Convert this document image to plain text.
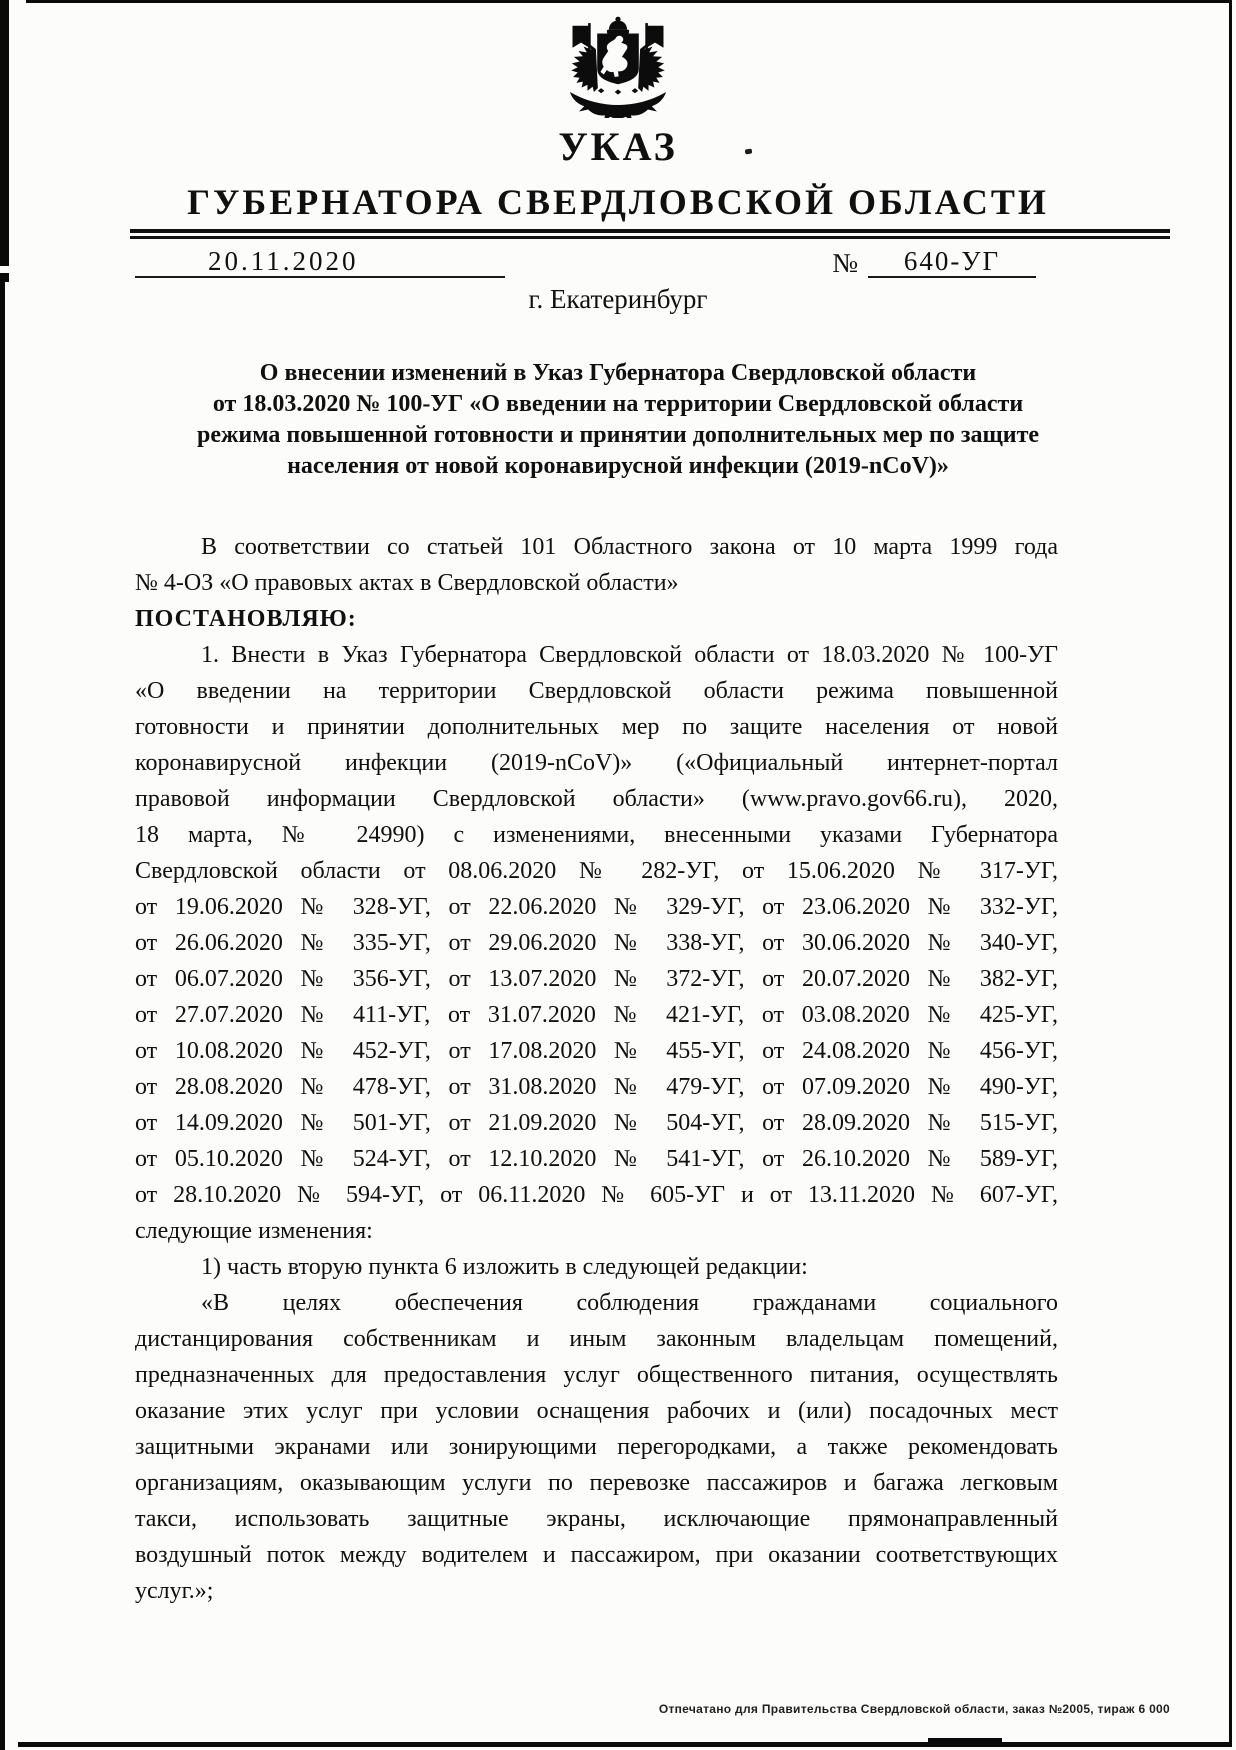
УКАЗ
ГУБЕРНАТОРА СВЕРДЛОВСКОЙ ОБЛАСТИ
20.11.2020	№	640-УГ
г. Екатеринбург
О внесении изменений в Указ Губернатора Свердловской области
от 18.03.2020 № 100-УГ «О введении на территории Свердловской области
режима повышенной готовности и принятии дополнительных мер по защите
населения от новой коронавирусной инфекции (2019-nCoV)»
В соответствии со статьей 101 Областного закона от 10 марта 1999 года
№ 4-ОЗ «О правовых актах в Свердловской области»
ПОСТАНОВЛЯЮ:
1. Внести в Указ Губернатора Свердловской области от 18.03.2020 № 100-УГ
«О введении на территории Свердловской области режима повышенной
готовности и принятии дополнительных мер по защите населения от новой
коронавирусной инфекции (2019-nCoV)» («Официальный интернет-портал
правовой информации Свердловской области» (www.pravo.gov66.ru), 2020,
18 марта, № 24990) с изменениями, внесенными указами Губернатора
Свердловской области от 08.06.2020 № 282-УГ, от 15.06.2020 № 317-УГ,
от 19.06.2020 № 328-УГ, от 22.06.2020 № 329-УГ, от 23.06.2020 № 332-УГ,
от 26.06.2020 № 335-УГ, от 29.06.2020 № 338-УГ, от 30.06.2020 № 340-УГ,
от 06.07.2020 № 356-УГ, от 13.07.2020 № 372-УГ, от 20.07.2020 № 382-УГ,
от 27.07.2020 № 411-УГ, от 31.07.2020 № 421-УГ, от 03.08.2020 № 425-УГ,
от 10.08.2020 № 452-УГ, от 17.08.2020 № 455-УГ, от 24.08.2020 № 456-УГ,
от 28.08.2020 № 478-УГ, от 31.08.2020 № 479-УГ, от 07.09.2020 № 490-УГ,
от 14.09.2020 № 501-УГ, от 21.09.2020 № 504-УГ, от 28.09.2020 № 515-УГ,
от 05.10.2020 № 524-УГ, от 12.10.2020 № 541-УГ, от 26.10.2020 № 589-УГ,
от 28.10.2020 № 594-УГ, от 06.11.2020 № 605-УГ и от 13.11.2020 № 607-УГ,
следующие изменения:
1) часть вторую пункта 6 изложить в следующей редакции:
«В целях обеспечения соблюдения гражданами социального
дистанцирования собственникам и иным законным владельцам помещений,
предназначенных для предоставления услуг общественного питания, осуществлять
оказание этих услуг при условии оснащения рабочих и (или) посадочных мест
защитными экранами или зонирующими перегородками, а также рекомендовать
организациям, оказывающим услуги по перевозке пассажиров и багажа легковым
такси, использовать защитные экраны, исключающие прямонаправленный
воздушный поток между водителем и пассажиром, при оказании соответствующих
услуг.»;
Отпечатано для Правительства Свердловской области, заказ №2005, тираж 6 000
